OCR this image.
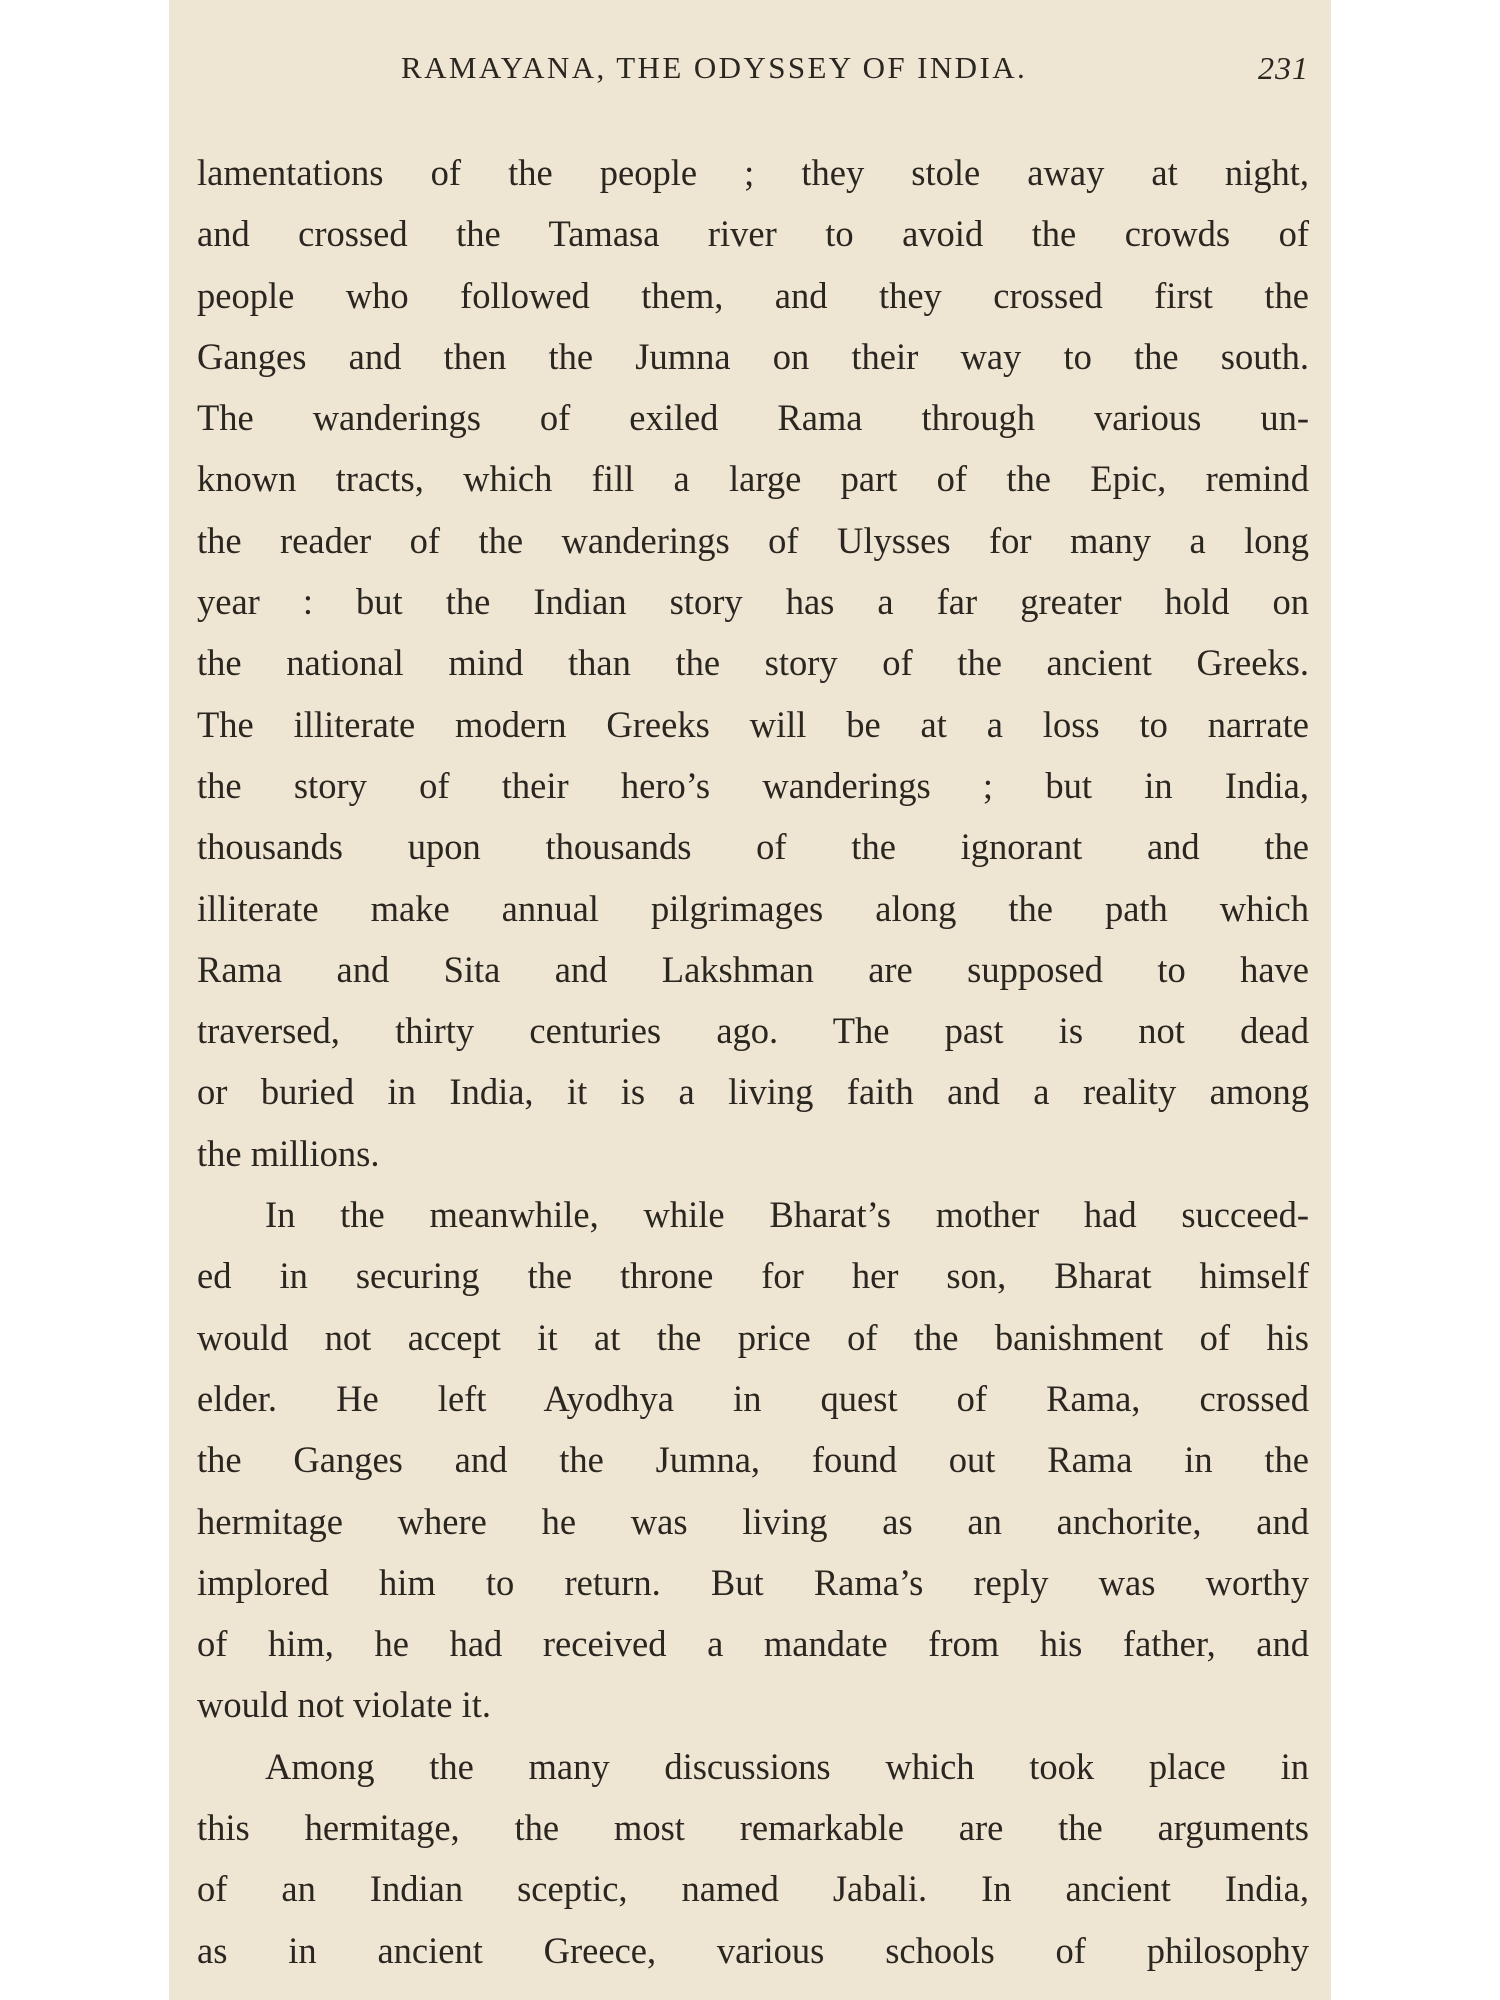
RAMAYANA, THE ODYSSEY OF INDIA.	231
lamentations of the people ; they stole away at night,
and crossed the Tamasa river to avoid the crowds of
people who followed them, and they crossed first the
Ganges and then the Jumna on their way to the south.
The wanderings of exiled Rama through various un-
known tracts, which fill a large part of the Epic, remind
the reader of the wanderings of Ulysses for many a long
year : but the Indian story has a far greater hold on
the national mind than the story of the ancient Greeks.
The illiterate modern Greeks will be at a loss to narrate
the story of their hero’s wanderings ; but in India,
thousands upon thousands of the ignorant and the
illiterate make annual pilgrimages along the path which
Rama and Sita and Lakshman are supposed to have
traversed, thirty centuries ago. The past is not dead
or buried in India, it is a living faith and a reality among
the millions.
In the meanwhile, while Bharat’s mother had succeed-
ed in securing the throne for her son, Bharat himself
would not accept it at the price of the banishment of his
elder. He left Ayodhya in quest of Rama, crossed
the Ganges and the Jumna, found out Rama in the
hermitage where he was living as an anchorite, and
implored him to return. But Rama’s reply was worthy
of him, he had received a mandate from his father, and
would not violate it.
Among the many discussions which took place in
this hermitage, the most remarkable are the arguments
of an Indian sceptic, named Jabali. In ancient India,
as in ancient Greece, various schools of philosophy
